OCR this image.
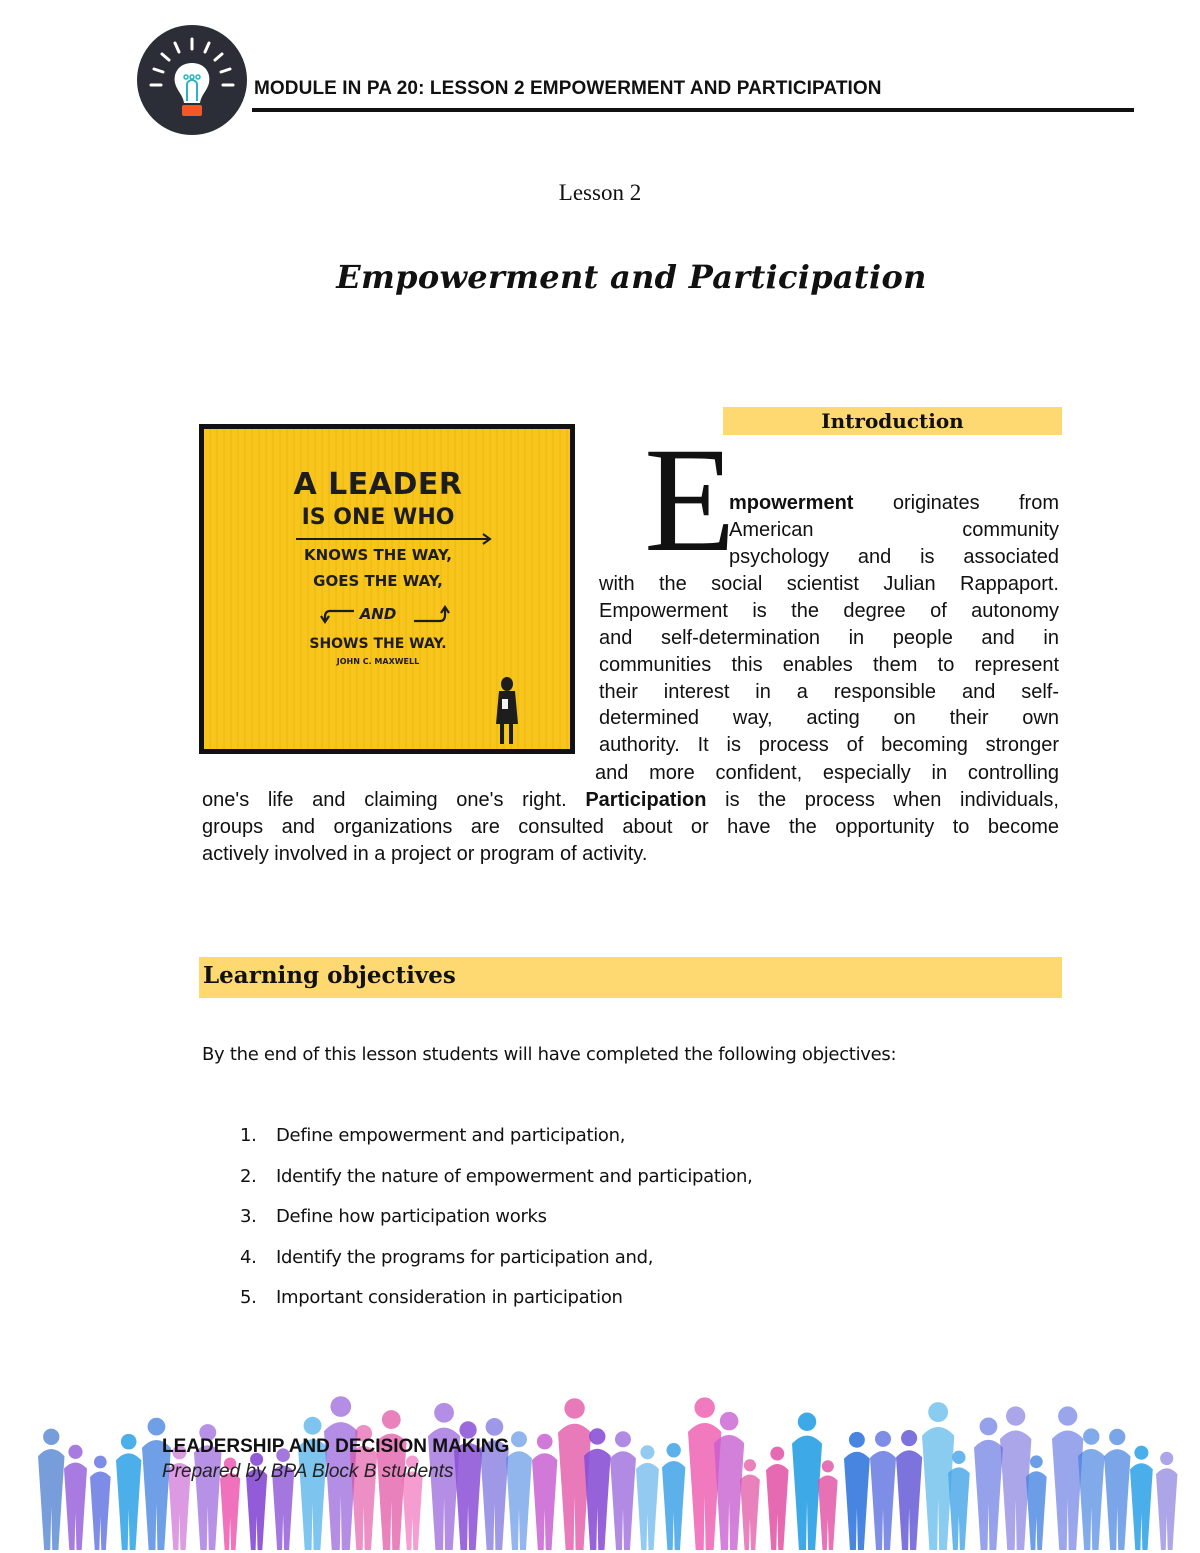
MODULE IN PA 20: LESSON 2 EMPOWERMENT AND PARTICIPATION
Lesson 2
Empowerment and Participation
A LEADER
IS ONE WHO
KNOWS THE WAY,
GOES THE WAY,
AND
SHOWS THE WAY.
JOHN C. MAXWELL
Introduction
E
mpowerment originates from
American community
psychology and is associated
with the social scientist Julian Rappaport.
Empowerment is the degree of autonomy
and self-determination in people and in
communities this enables them to represent
their interest in a responsible and self-
determined way, acting on their own
authority. It is process of becoming stronger
and more confident, especially in controlling
one's life and claiming one's right. Participation is the process when individuals,
groups and organizations are consulted about or have the opportunity to become
actively involved in a project or program of activity.
Learning objectives
By the end of this lesson students will have completed the following objectives:
1. Define empowerment and participation,
2. Identify the nature of empowerment and participation,
3. Define how participation works
4. Identify the programs for participation and,
5. Important consideration in participation
LEADERSHIP AND DECISION MAKING
Prepared by BPA Block B students
